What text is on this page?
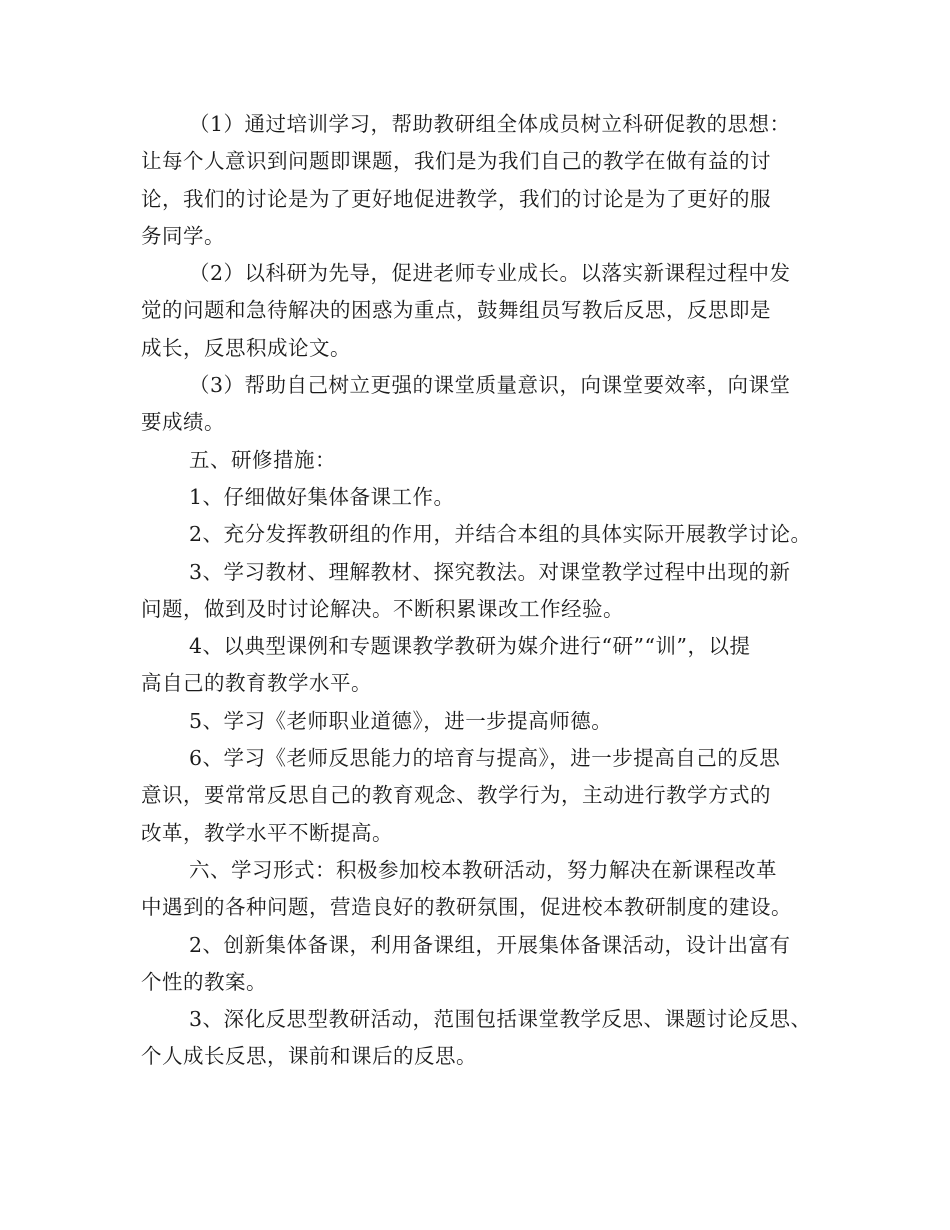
（1）通过培训学习，帮助教研组全体成员树立科研促教的思想：
让每个人意识到问题即课题，我们是为我们自己的教学在做有益的讨
论，我们的讨论是为了更好地促进教学，我们的讨论是为了更好的服
务同学。
（2）以科研为先导，促进老师专业成长。以落实新课程过程中发
觉的问题和急待解决的困惑为重点，鼓舞组员写教后反思，反思即是
成长，反思积成论文。
（3）帮助自己树立更强的课堂质量意识，向课堂要效率，向课堂
要成绩。
五、研修措施：
1、仔细做好集体备课工作。
2、充分发挥教研组的作用，并结合本组的具体实际开展教学讨论。
3、学习教材、理解教材、探究教法。对课堂教学过程中出现的新
问题，做到及时讨论解决。不断积累课改工作经验。
4、以典型课例和专题课教学教研为媒介进行“研”“训”，以提
高自己的教育教学水平。
5、学习《老师职业道德》，进一步提高师德。
6、学习《老师反思能力的培育与提高》，进一步提高自己的反思
意识，要常常反思自己的教育观念、教学行为，主动进行教学方式的
改革，教学水平不断提高。
六、学习形式：积极参加校本教研活动，努力解决在新课程改革
中遇到的各种问题，营造良好的教研氛围，促进校本教研制度的建设。
2、创新集体备课，利用备课组，开展集体备课活动，设计出富有
个性的教案。
3、深化反思型教研活动，范围包括课堂教学反思、课题讨论反思、
个人成长反思，课前和课后的反思。
